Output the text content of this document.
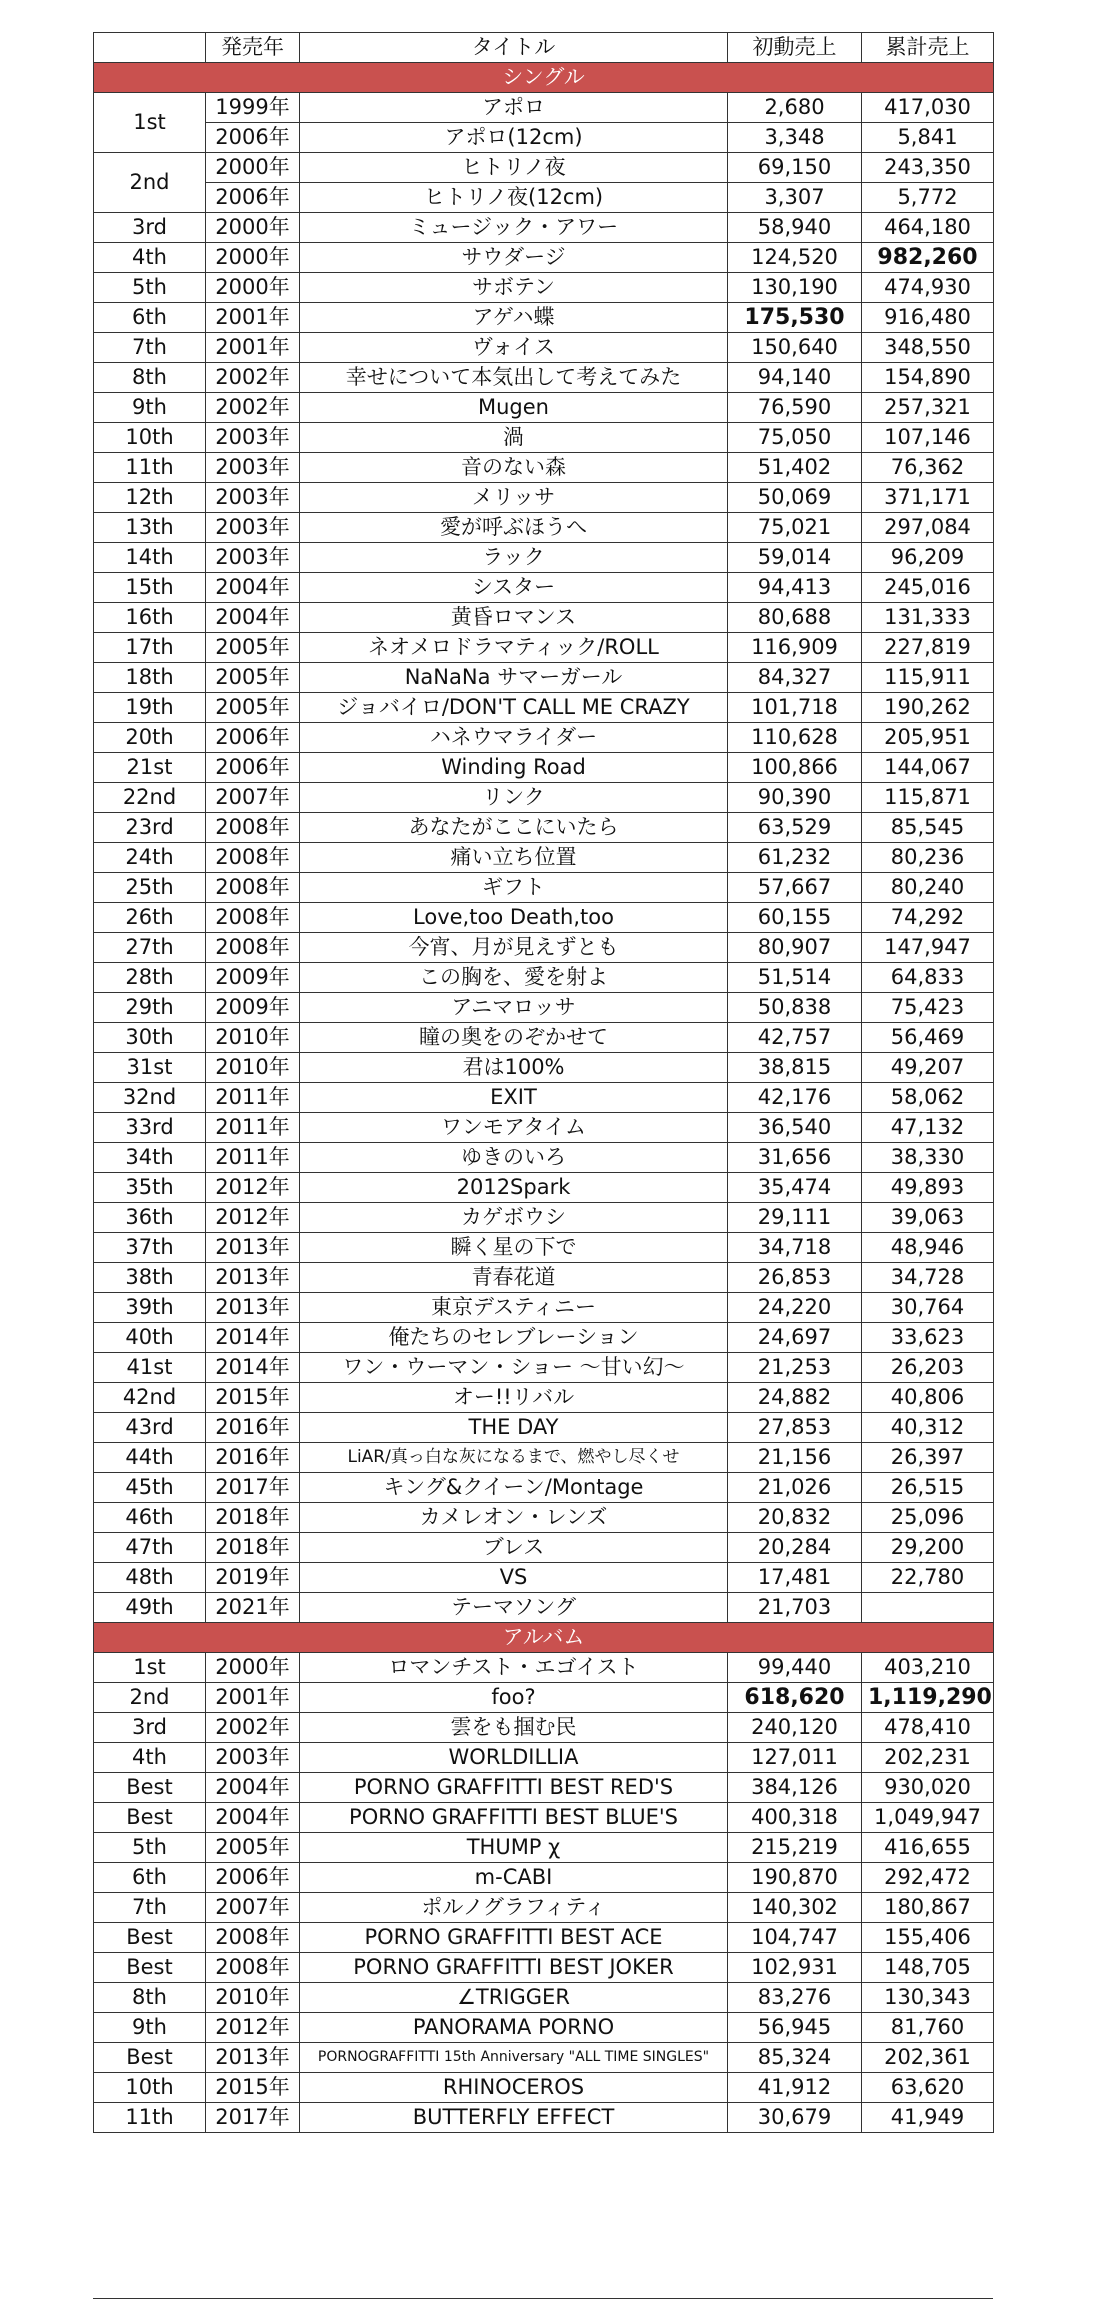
	発売年	タイトル	初動売上	累計売上
シングル				
1st	1999年	アポロ	2,680	417,030
	2006年	アポロ(12cm)	3,348	5,841
2nd	2000年	ヒトリノ夜	69,150	243,350
	2006年	ヒトリノ夜(12cm)	3,307	5,772
3rd	2000年	ミュージック・アワー	58,940	464,180
4th	2000年	サウダージ	124,520	982,260
5th	2000年	サボテン	130,190	474,930
6th	2001年	アゲハ蝶	175,530	916,480
7th	2001年	ヴォイス	150,640	348,550
8th	2002年	幸せについて本気出して考えてみた	94,140	154,890
9th	2002年	Mugen	76,590	257,321
10th	2003年	渦	75,050	107,146
11th	2003年	音のない森	51,402	76,362
12th	2003年	メリッサ	50,069	371,171
13th	2003年	愛が呼ぶほうへ	75,021	297,084
14th	2003年	ラック	59,014	96,209
15th	2004年	シスター	94,413	245,016
16th	2004年	黄昏ロマンス	80,688	131,333
17th	2005年	ネオメロドラマティック/ROLL	116,909	227,819
18th	2005年	NaNaNa サマーガール	84,327	115,911
19th	2005年	ジョバイロ/DON'T CALL ME CRAZY	101,718	190,262
20th	2006年	ハネウマライダー	110,628	205,951
21st	2006年	Winding Road	100,866	144,067
22nd	2007年	リンク	90,390	115,871
23rd	2008年	あなたがここにいたら	63,529	85,545
24th	2008年	痛い立ち位置	61,232	80,236
25th	2008年	ギフト	57,667	80,240
26th	2008年	Love,too Death,too	60,155	74,292
27th	2008年	今宵、月が見えずとも	80,907	147,947
28th	2009年	この胸を、愛を射よ	51,514	64,833
29th	2009年	アニマロッサ	50,838	75,423
30th	2010年	瞳の奥をのぞかせて	42,757	56,469
31st	2010年	君は100%	38,815	49,207
32nd	2011年	EXIT	42,176	58,062
33rd	2011年	ワンモアタイム	36,540	47,132
34th	2011年	ゆきのいろ	31,656	38,330
35th	2012年	2012Spark	35,474	49,893
36th	2012年	カゲボウシ	29,111	39,063
37th	2013年	瞬く星の下で	34,718	48,946
38th	2013年	青春花道	26,853	34,728
39th	2013年	東京デスティニー	24,220	30,764
40th	2014年	俺たちのセレブレーション	24,697	33,623
41st	2014年	ワン・ウーマン・ショー 〜甘い幻〜	21,253	26,203
42nd	2015年	オー!!リバル	24,882	40,806
43rd	2016年	THE DAY	27,853	40,312
44th	2016年	LiAR/真っ白な灰になるまで、燃やし尽くせ	21,156	26,397
45th	2017年	キング&クイーン/Montage	21,026	26,515
46th	2018年	カメレオン・レンズ	20,832	25,096
47th	2018年	ブレス	20,284	29,200
48th	2019年	VS	17,481	22,780
49th	2021年	テーマソング	21,703	
アルバム				
1st	2000年	ロマンチスト・エゴイスト	99,440	403,210
2nd	2001年	foo?	618,620	1,119,290
3rd	2002年	雲をも掴む民	240,120	478,410
4th	2003年	WORLDILLIA	127,011	202,231
Best	2004年	PORNO GRAFFITTI BEST RED'S	384,126	930,020
Best	2004年	PORNO GRAFFITTI BEST BLUE'S	400,318	1,049,947
5th	2005年	THUMP χ	215,219	416,655
6th	2006年	m-CABI	190,870	292,472
7th	2007年	ポルノグラフィティ	140,302	180,867
Best	2008年	PORNO GRAFFITTI BEST ACE	104,747	155,406
Best	2008年	PORNO GRAFFITTI BEST JOKER	102,931	148,705
8th	2010年	∠TRIGGER	83,276	130,343
9th	2012年	PANORAMA PORNO	56,945	81,760
Best	2013年	PORNOGRAFFITTI 15th Anniversary "ALL TIME SINGLES"	85,324	202,361
10th	2015年	RHINOCEROS	41,912	63,620
11th	2017年	BUTTERFLY EFFECT	30,679	41,949
